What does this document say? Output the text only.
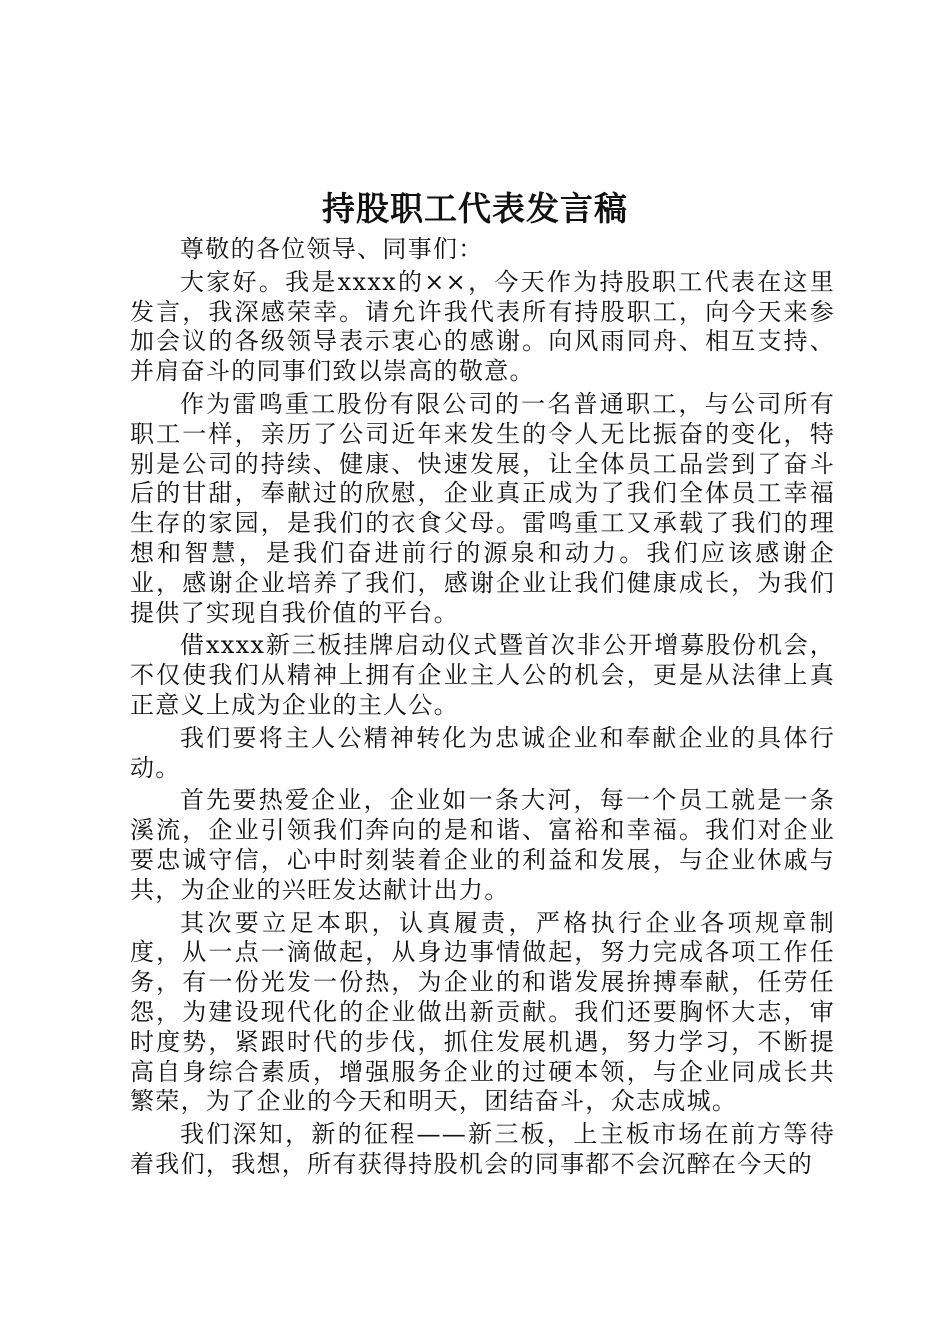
持股职工代表发言稿

尊敬的各位领导、同事们：

大家好。我是xxxx的××，今天作为持股职工代表在这里发言，我深感荣幸。请允许我代表所有持股职工，向今天来参加会议的各级领导表示衷心的感谢。向风雨同舟、相互支持、并肩奋斗的同事们致以崇高的敬意。

作为雷鸣重工股份有限公司的一名普通职工，与公司所有职工一样，亲历了公司近年来发生的令人无比振奋的变化，特别是公司的持续、健康、快速发展，让全体员工品尝到了奋斗后的甘甜，奉献过的欣慰，企业真正成为了我们全体员工幸福生存的家园，是我们的衣食父母。雷鸣重工又承载了我们的理想和智慧，是我们奋进前行的源泉和动力。我们应该感谢企业，感谢企业培养了我们，感谢企业让我们健康成长，为我们提供了实现自我价值的平台。

借xxxx新三板挂牌启动仪式暨首次非公开增募股份机会，不仅使我们从精神上拥有企业主人公的机会，更是从法律上真正意义上成为企业的主人公。

我们要将主人公精神转化为忠诚企业和奉献企业的具体行动。

首先要热爱企业，企业如一条大河，每一个员工就是一条溪流，企业引领我们奔向的是和谐、富裕和幸福。我们对企业要忠诚守信，心中时刻装着企业的利益和发展，与企业休戚与共，为企业的兴旺发达献计出力。

其次要立足本职，认真履责，严格执行企业各项规章制度，从一点一滴做起，从身边事情做起，努力完成各项工作任务，有一份光发一份热，为企业的和谐发展拚搏奉献，任劳任怨，为建设现代化的企业做出新贡献。我们还要胸怀大志，审时度势，紧跟时代的步伐，抓住发展机遇，努力学习，不断提高自身综合素质，增强服务企业的过硬本领，与企业同成长共繁荣，为了企业的今天和明天，团结奋斗，众志成城。

我们深知，新的征程——新三板，上主板市场在前方等待着我们，我想，所有获得持股机会的同事都不会沉醉在今天的
